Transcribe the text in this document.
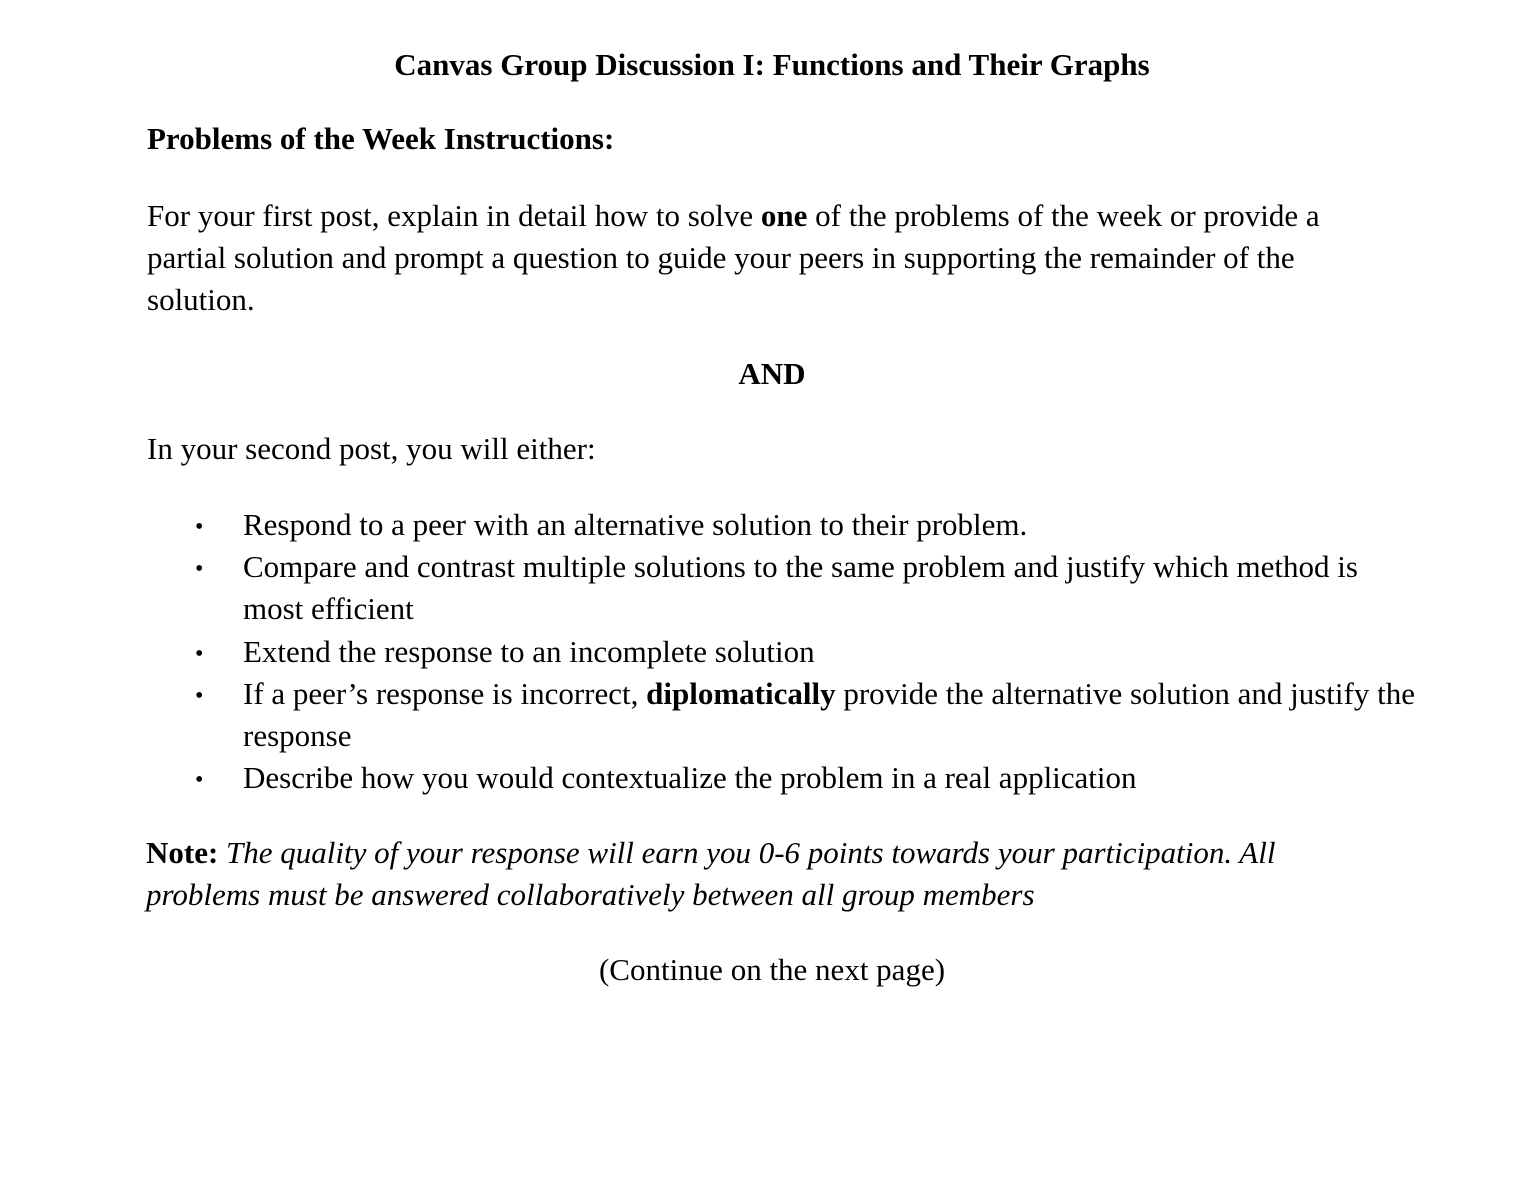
Canvas Group Discussion I: Functions and Their Graphs
Problems of the Week Instructions:

For your first post, explain in detail how to solve one of the problems of the week or provide a partial solution and prompt a question to guide your peers in supporting the remainder of the solution.

AND

In your second post, you will either:

• Respond to a peer with an alternative solution to their problem.
• Compare and contrast multiple solutions to the same problem and justify which method is most efficient
• Extend the response to an incomplete solution
• If a peer’s response is incorrect, diplomatically provide the alternative solution and justify the response
• Describe how you would contextualize the problem in a real application

Note: The quality of your response will earn you 0-6 points towards your participation. All problems must be answered collaboratively between all group members

(Continue on the next page)
